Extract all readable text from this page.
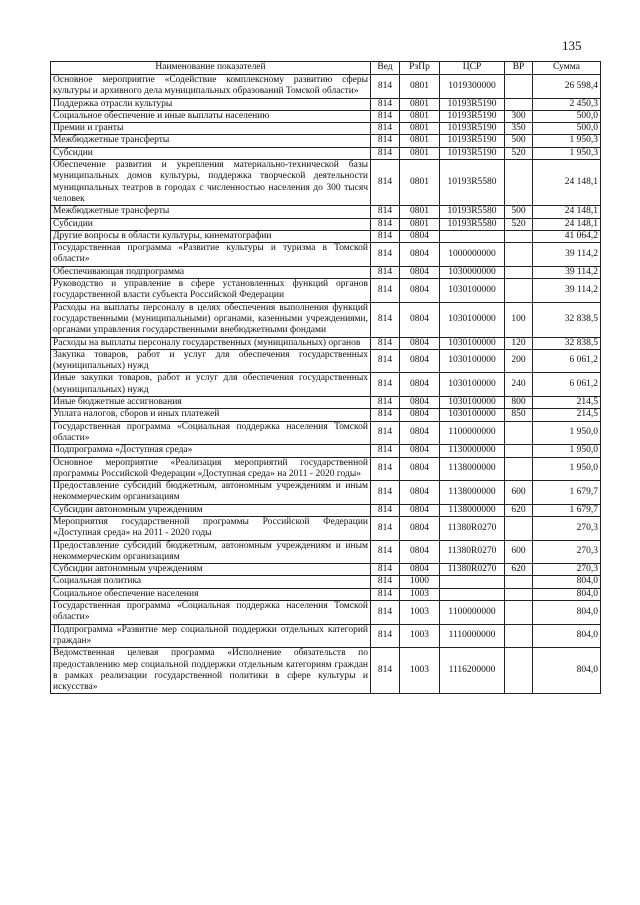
135
Наименование показателей	Вед	РзПр	ЦСР	ВР	Сумма
Основное мероприятие «Содействие комплексному развитию сферы культуры и архивного дела муниципальных образований Томской области»	814	0801	1019300000		26 598,4
Поддержка отрасли культуры	814	0801	10193R5190		2 450,3
Социальное обеспечение и иные выплаты населению	814	0801	10193R5190	300	500,0
Премии и гранты	814	0801	10193R5190	350	500,0
Межбюджетные трансферты	814	0801	10193R5190	500	1 950,3
Субсидии	814	0801	10193R5190	520	1 950,3
Обеспечение развития и укрепления материально-технической базы муниципальных домов культуры, поддержка творческой деятельности муниципальных театров в городах с численностью населения до 300 тысяч человек	814	0801	10193R5580		24 148,1
Межбюджетные трансферты	814	0801	10193R5580	500	24 148,1
Субсидии	814	0801	10193R5580	520	24 148,1
Другие вопросы в области культуры, кинематографии	814	0804			41 064,2
Государственная программа «Развитие культуры и туризма в Томской области»	814	0804	1000000000		39 114,2
Обеспечивающая подпрограмма	814	0804	1030000000		39 114,2
Руководство и управление в сфере установленных функций органов государственной власти субъекта Российской Федерации	814	0804	1030100000		39 114,2
Расходы на выплаты персоналу в целях обеспечения выполнения функций государственными (муниципальными) органами, казенными учреждениями, органами управления государственными внебюджетными фондами	814	0804	1030100000	100	32 838,5
Расходы на выплаты персоналу государственных (муниципальных) органов	814	0804	1030100000	120	32 838,5
Закупка товаров, работ и услуг для обеспечения государственных (муниципальных) нужд	814	0804	1030100000	200	6 061,2
Иные закупки товаров, работ и услуг для обеспечения государственных (муниципальных) нужд	814	0804	1030100000	240	6 061,2
Иные бюджетные ассигнования	814	0804	1030100000	800	214,5
Уплата налогов, сборов и иных платежей	814	0804	1030100000	850	214,5
Государственная программа «Социальная поддержка населения Томской области»	814	0804	1100000000		1 950,0
Подпрограмма «Доступная среда»	814	0804	1130000000		1 950,0
Основное мероприятие «Реализация мероприятий государственной программы Российской Федерации «Доступная среда» на 2011 - 2020 годы»	814	0804	1138000000		1 950,0
Предоставление субсидий бюджетным, автономным учреждениям и иным некоммерческим организациям	814	0804	1138000000	600	1 679,7
Субсидии автономным учреждениям	814	0804	1138000000	620	1 679,7
Мероприятия государственной программы Российской Федерации «Доступная среда» на 2011 - 2020 годы	814	0804	11380R0270		270,3
Предоставление субсидий бюджетным, автономным учреждениям и иным некоммерческим организациям	814	0804	11380R0270	600	270,3
Субсидии автономным учреждениям	814	0804	11380R0270	620	270,3
Социальная политика	814	1000			804,0
Социальное обеспечение населения	814	1003			804,0
Государственная программа «Социальная поддержка населения Томской области»	814	1003	1100000000		804,0
Подпрограмма «Развитие мер социальной поддержки отдельных категорий граждан»	814	1003	1110000000		804,0
Ведомственная целевая программа «Исполнение обязательств по предоставлению мер социальной поддержки отдельным категориям граждан в рамках реализации государственной политики в сфере культуры и искусства»	814	1003	1116200000		804,0
